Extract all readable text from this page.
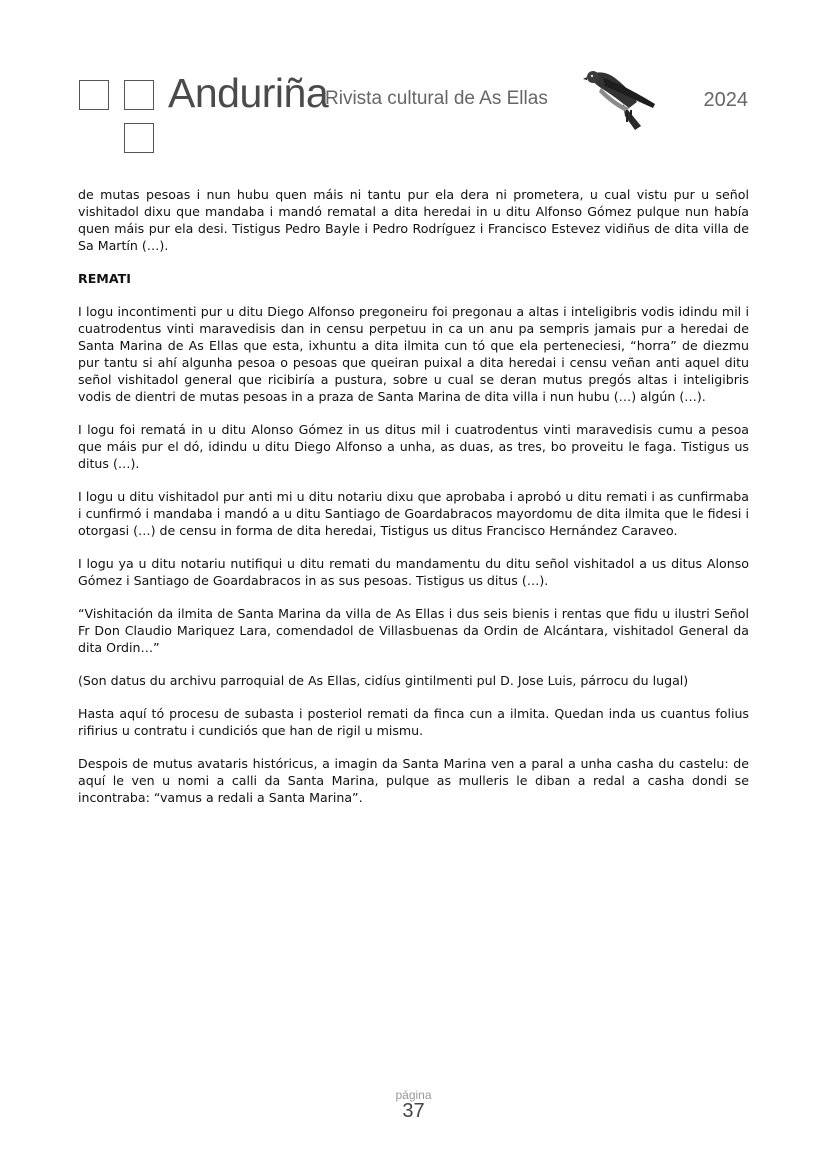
Anduriña
Rivista cultural de As Ellas	2024

de mutas pesoas i nun hubu quen máis ni tantu pur ela dera ni prometera, u cual vistu pur u señol vishitadol dixu que mandaba i mandó rematal a dita heredai in u ditu Alfonso Gómez pulque nun había quen máis pur ela desi. Tistigus Pedro Bayle i Pedro Rodríguez i Francisco Estevez vidiñus de dita villa de Sa Martín (…).

REMATI

I logu incontimenti pur u ditu Diego Alfonso pregoneiru foi pregonau a altas i inteligibris vodis idindu mil i cuatrodentus vinti maravedisis dan in censu perpetuu in ca un anu pa sempris jamais pur a heredai de Santa Marina de As Ellas que esta, ixhuntu a dita ilmita cun tó que ela perteneciesi, “horra” de diezmu pur tantu si ahí algunha pesoa o pesoas que queiran puixal a dita heredai i censu veñan anti aquel ditu señol vishitadol general que ricibiría a pustura, sobre u cual se deran mutus pregós altas i inteligibris vodis de dientri de mutas pesoas in a praza de Santa Marina de dita villa i nun hubu (…) algún (…).

I logu foi rematá in u ditu Alonso Gómez in us ditus mil i cuatrodentus vinti maravedisis cumu a pesoa que máis pur el dó, idindu u ditu Diego Alfonso a unha, as duas, as tres, bo proveitu le faga. Tistigus us ditus (…).

I logu u ditu vishitadol pur anti mi u ditu notariu dixu que aprobaba i aprobó u ditu remati i as cunfirmaba i cunfirmó i mandaba i mandó a u ditu Santiago de Goardabracos mayordomu de dita ilmita que le fidesi i otorgasi (…) de censu in forma de dita heredai, Tistigus us ditus Francisco Hernández Caraveo.

I logu ya u ditu notariu nutifiqui u ditu remati du mandamentu du ditu señol vishitadol a us ditus Alonso Gómez i Santiago de Goardabracos in as sus pesoas. Tistigus us ditus (…).

“Vishitación da ilmita de Santa Marina da villa de As Ellas i dus seis bienis i rentas que fidu u ilustri Señol Fr Don Claudio Mariquez Lara, comendadol de Villasbuenas da Ordin de Alcántara, vishitadol General da dita Ordin…”

(Son datus du archivu parroquial de As Ellas, cidíus gintilmenti pul D. Jose Luis, párrocu du lugal)

Hasta aquí tó procesu de subasta i posteriol remati da finca cun a ilmita. Quedan inda us cuantus folius rifirius u contratu i cundiciós que han de rigil u mismu.

Despois de mutus avataris históricus, a imagin da Santa Marina ven a paral a unha casha du castelu: de aquí le ven u nomi a calli da Santa Marina, pulque as mulleris le diban a redal a casha dondi se incontraba: “vamus a redali a Santa Marina”.

página
37
